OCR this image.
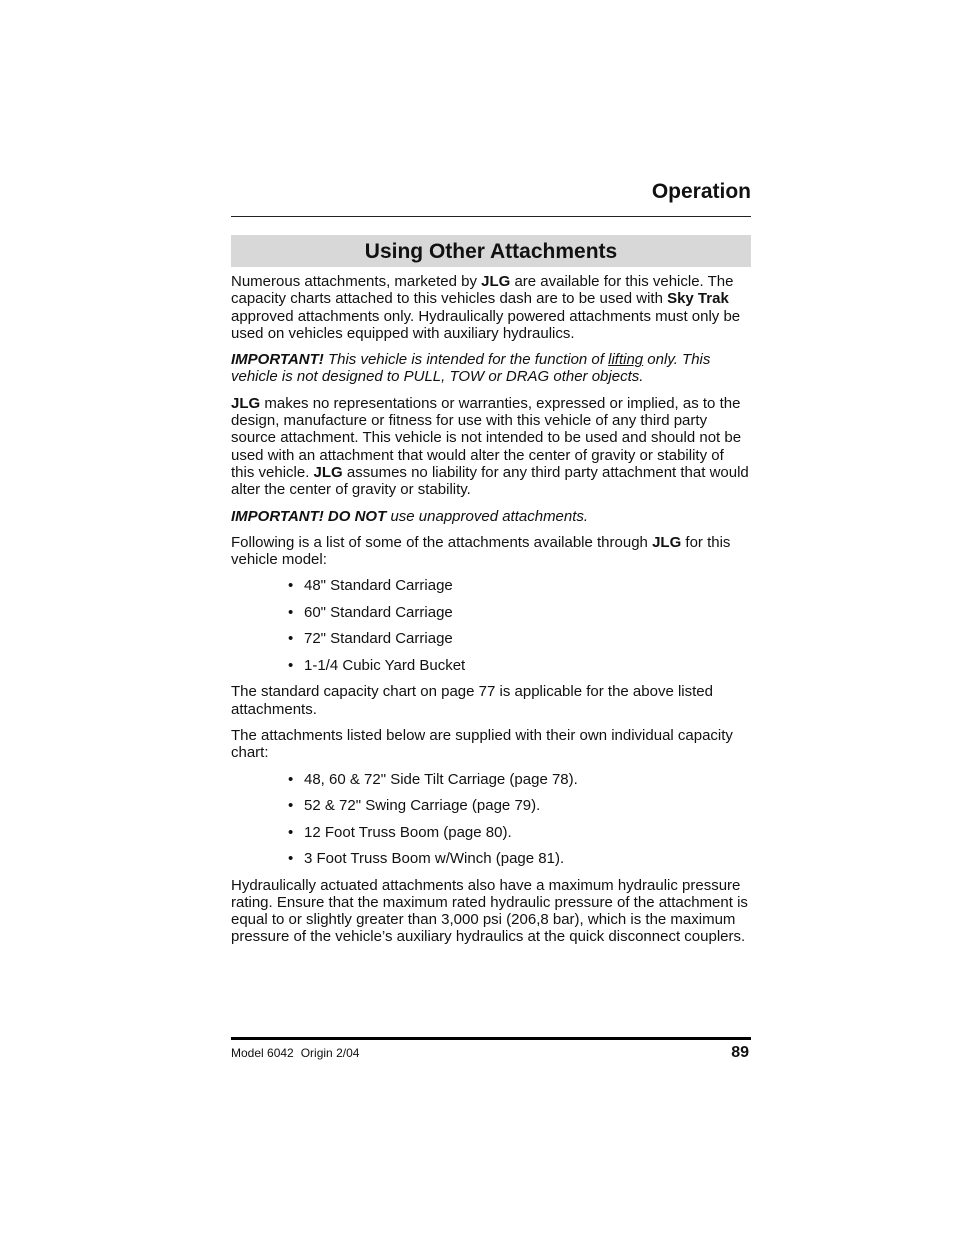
Operation
Using Other Attachments

Numerous attachments, marketed by JLG are available for this vehicle. The capacity charts attached to this vehicles dash are to be used with Sky Trak approved attachments only. Hydraulically powered attachments must only be used on vehicles equipped with auxiliary hydraulics.

IMPORTANT! This vehicle is intended for the function of lifting only. This vehicle is not designed to PULL, TOW or DRAG other objects.

JLG makes no representations or warranties, expressed or implied, as to the design, manufacture or fitness for use with this vehicle of any third party source attachment. This vehicle is not intended to be used and should not be used with an attachment that would alter the center of gravity or stability of this vehicle. JLG assumes no liability for any third party attachment that would alter the center of gravity or stability.

IMPORTANT! DO NOT use unapproved attachments.

Following is a list of some of the attachments available through JLG for this vehicle model:

• 48" Standard Carriage
• 60" Standard Carriage
• 72" Standard Carriage
• 1-1/4 Cubic Yard Bucket

The standard capacity chart on page 77 is applicable for the above listed attachments.

The attachments listed below are supplied with their own individual capacity chart:

• 48, 60 & 72" Side Tilt Carriage (page 78).
• 52 & 72" Swing Carriage (page 79).
• 12 Foot Truss Boom (page 80).
• 3 Foot Truss Boom w/Winch (page 81).

Hydraulically actuated attachments also have a maximum hydraulic pressure rating. Ensure that the maximum rated hydraulic pressure of the attachment is equal to or slightly greater than 3,000 psi (206,8 bar), which is the maximum pressure of the vehicle’s auxiliary hydraulics at the quick disconnect couplers.

Model 6042 Origin 2/04	89
